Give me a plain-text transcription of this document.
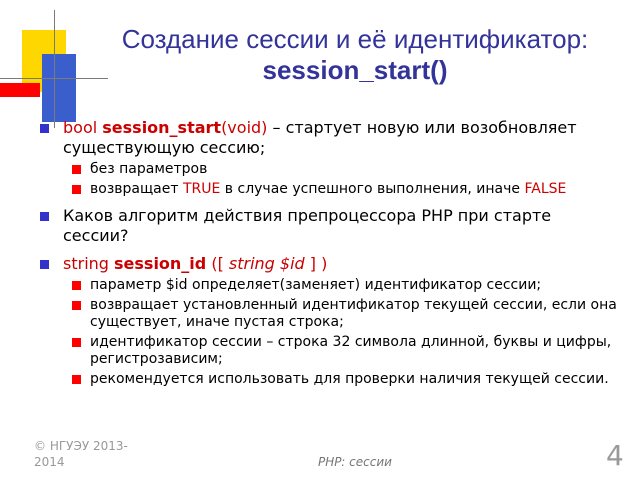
Создание сессии и её идентификатор:
session_start()
bool session_start(void) – стартует новую или возобновляет существующую сессию;
без параметров
возвращает TRUE в случае успешного выполнения, иначе FALSE
Каков алгоритм действия препроцессора PHP при старте сессии?
string session_id ([ string $id ] )
параметр $id определяет(заменяет) идентификатор сессии;
возвращает установленный идентификатор текущей сессии, если она существует, иначе пустая строка;
идентификатор сессии – строка 32 символа длинной, буквы и цифры, регистрозависим;
рекомендуется использовать для проверки наличия текущей сессии.
© НГУЭУ 2013-2014	PHP: сессии	4
